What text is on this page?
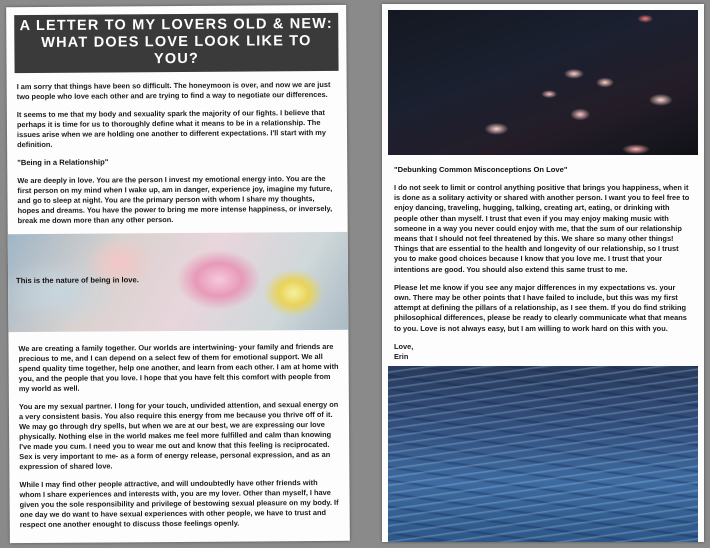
A LETTER TO MY LOVERS OLD & NEW:
WHAT DOES LOVE LOOK LIKE TO YOU?

I am sorry that things have been so difficult. The honeymoon is over, and now we are just two people who love each other and are trying to find a way to negotiate our differences.

It seems to me that my body and sexuality spark the majority of our fights. I believe that perhaps it is time for us to thoroughly define what it means to be in a relationship. The issues arise when we are holding one another to different expectations. I'll start with my definition.

"Being in a Relationship"

We are deeply in love. You are the person I invest my emotional energy into. You are the first person on my mind when I wake up, am in danger, experience joy, imagine my future, and go to sleep at night. You are the primary person with whom I share my thoughts, hopes and dreams. You have the power to bring me more intense happiness, or inversely, break me down more than any other person.

This is the nature of being in love.

We are creating a family together. Our worlds are intertwining- your family and friends are precious to me, and I can depend on a select few of them for emotional support. We all spend quality time together, help one another, and learn from each other. I am at home with you, and the people that you love. I hope that you have felt this comfort with people from my world as well.

You are my sexual partner. I long for your touch, undivided attention, and sexual energy on a very consistent basis. You also require this energy from me because you thrive off of it. We may go through dry spells, but when we are at our best, we are expressing our love physically. Nothing else in the world makes me feel more fulfilled and calm than knowing I've made you cum. I need you to wear me out and know that this feeling is reciprocated. Sex is very important to me- as a form of energy release, personal expression, and as an expression of shared love.

While I may find other people attractive, and will undoubtedly have other friends with whom I share experiences and interests with, you are my lover. Other than myself, I have given you the sole responsibility and privilege of bestowing sexual pleasure on my body. If one day we do want to have sexual experiences with other people, we have to trust and respect one another enought to discuss those feelings openly.

"Debunking Common Misconceptions On Love"

I do not seek to limit or control anything positive that brings you happiness, when it is done as a solitary activity or shared with another person. I want you to feel free to enjoy dancing, traveling, hugging, talking, creating art, eating, or drinking with people other than myself. I trust that even if you may enjoy making music with someone in a way you never could enjoy with me, that the sum of our relationship means that I should not feel threatened by this. We share so many other things! Things that are essential to the health and longevity of our relationship, so I trust you to make good choices because I know that you love me. I trust that your intentions are good. You should also extend this same trust to me.

Please let me know if you see any major differences in my expectations vs. your own. There may be other points that I have failed to include, but this was my first attempt at defining the pillars of a relationship, as I see them. If you do find striking philosophical differences, please be ready to clearly communicate what that means to you. Love is not always easy, but I am willing to work hard on this with you.

Love,
Erin
